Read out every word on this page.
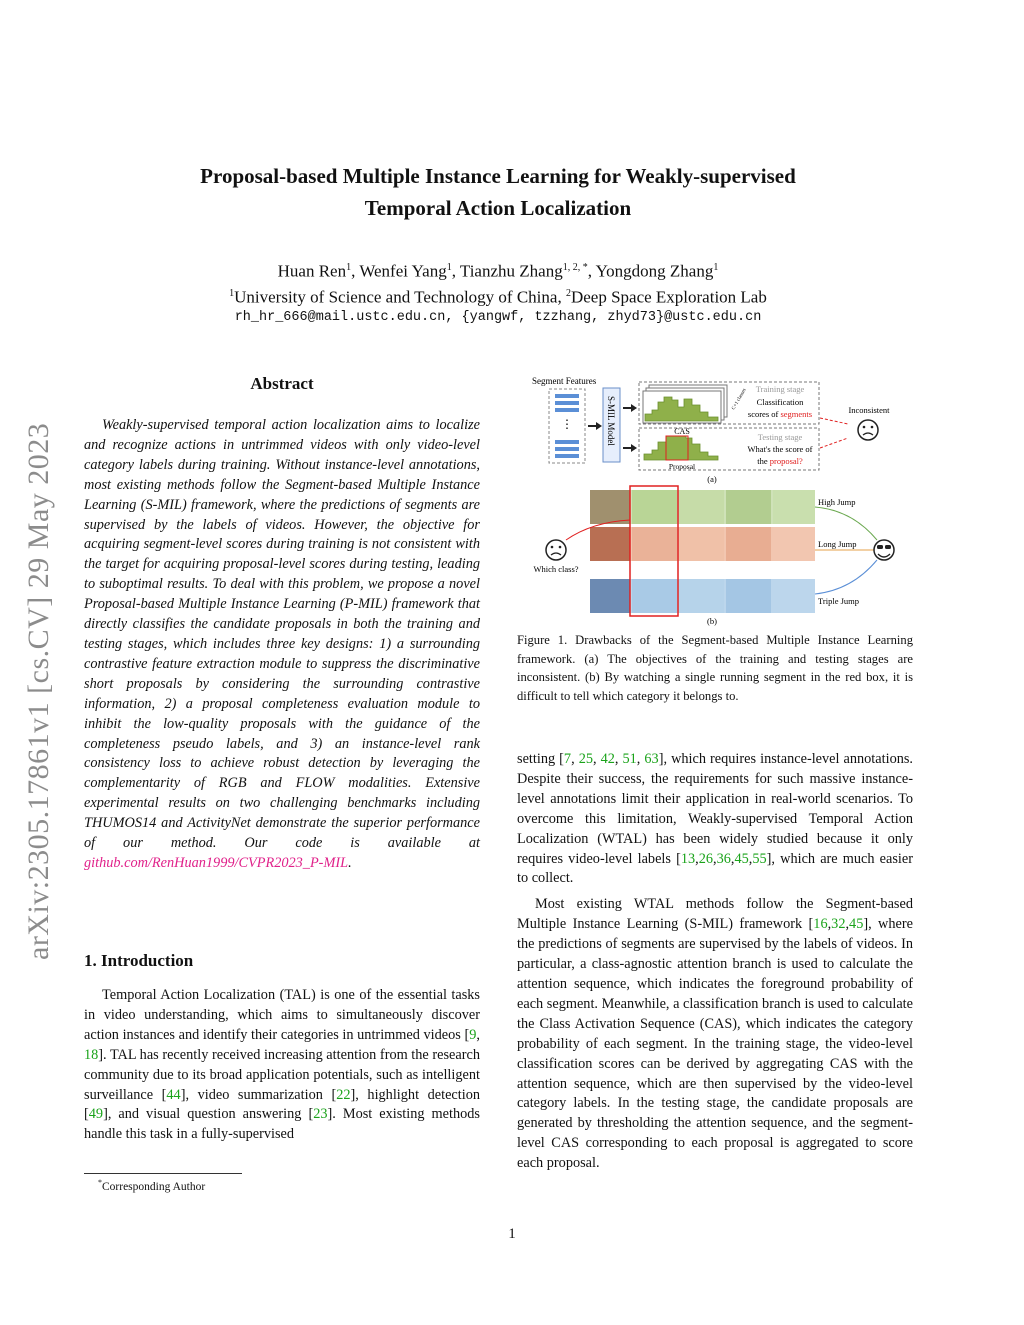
arXiv:2305.17861v1 [cs.CV] 29 May 2023
Proposal-based Multiple Instance Learning for Weakly-supervised
Temporal Action Localization
Huan Ren$^1$, Wenfei Yang$^1$, Tianzhu Zhang$^{1, 2, *}$, Yongdong Zhang$^1$
$^1$University of Science and Technology of China, $^2$Deep Space Exploration Lab
rh_hr_666@mail.ustc.edu.cn, {yangwf, tzzhang, zhyd73}@ustc.edu.cn
Abstract
Weakly-supervised temporal action localization aims to localize and recognize actions in untrimmed videos with only video-level category labels during training. Without instance-level annotations, most existing methods follow the Segment-based Multiple Instance Learning (S-MIL) framework, where the predictions of segments are supervised by the labels of videos. However, the objective for acquiring segment-level scores during training is not consistent with the target for acquiring proposal-level scores during testing, leading to suboptimal results. To deal with this problem, we propose a novel Proposal-based Multiple Instance Learning (P-MIL) framework that directly classifies the candidate proposals in both the training and testing stages, which includes three key designs: 1) a surrounding contrastive feature extraction module to suppress the discriminative short proposals by considering the surrounding contrastive information, 2) a proposal completeness evaluation module to inhibit the low-quality proposals with the guidance of the completeness pseudo labels, and 3) an instance-level rank consistency loss to achieve robust detection by leveraging the complementarity of RGB and FLOW modalities. Extensive experimental results on two challenging benchmarks including THUMOS14 and ActivityNet demonstrate the superior performance of our method. Our code is available at github.com/RenHuan1999/CVPR2023_P-MIL.
1. Introduction
Temporal Action Localization (TAL) is one of the essential tasks in video understanding, which aims to simultaneously discover action instances and identify their categories in untrimmed videos [9, 18]. TAL has recently received increasing attention from the research community due to its broad application potentials, such as intelligent surveillance [44], video summarization [22], highlight detection [49], and visual question answering [23]. Most existing methods handle this task in a fully-supervised
*Corresponding Author
Segment Features
⋮	S-MIL Model	CAS
C+1 classes Training stage
Classification
scores of segments	Inconsistent
Proposal
Testing stage
What's the score of
the proposal?
(a)
High Jump
Long Jump
Triple Jump
Which class?
(b)
Figure 1. Drawbacks of the Segment-based Multiple Instance Learning framework. (a) The objectives of the training and testing stages are inconsistent. (b) By watching a single running segment in the red box, it is difficult to tell which category it belongs to.

setting [7, 25, 42, 51, 63], which requires instance-level annotations. Despite their success, the requirements for such massive instance-level annotations limit their application in real-world scenarios. To overcome this limitation, Weakly-supervised Temporal Action Localization (WTAL) has been widely studied because it only requires video-level labels [13,26,36,45,55], which are much easier to collect.

Most existing WTAL methods follow the Segment-based Multiple Instance Learning (S-MIL) framework [16,32,45], where the predictions of segments are supervised by the labels of videos. In particular, a class-agnostic attention branch is used to calculate the attention sequence, which indicates the foreground probability of each segment. Meanwhile, a classification branch is used to calculate the Class Activation Sequence (CAS), which indicates the category probability of each segment. In the training stage, the video-level classification scores can be derived by aggregating CAS with the attention sequence, which are then supervised by the video-level category labels. In the testing stage, the candidate proposals are generated by thresholding the attention sequence, and the segment-level CAS corresponding to each proposal is aggregated to score each proposal.

1
